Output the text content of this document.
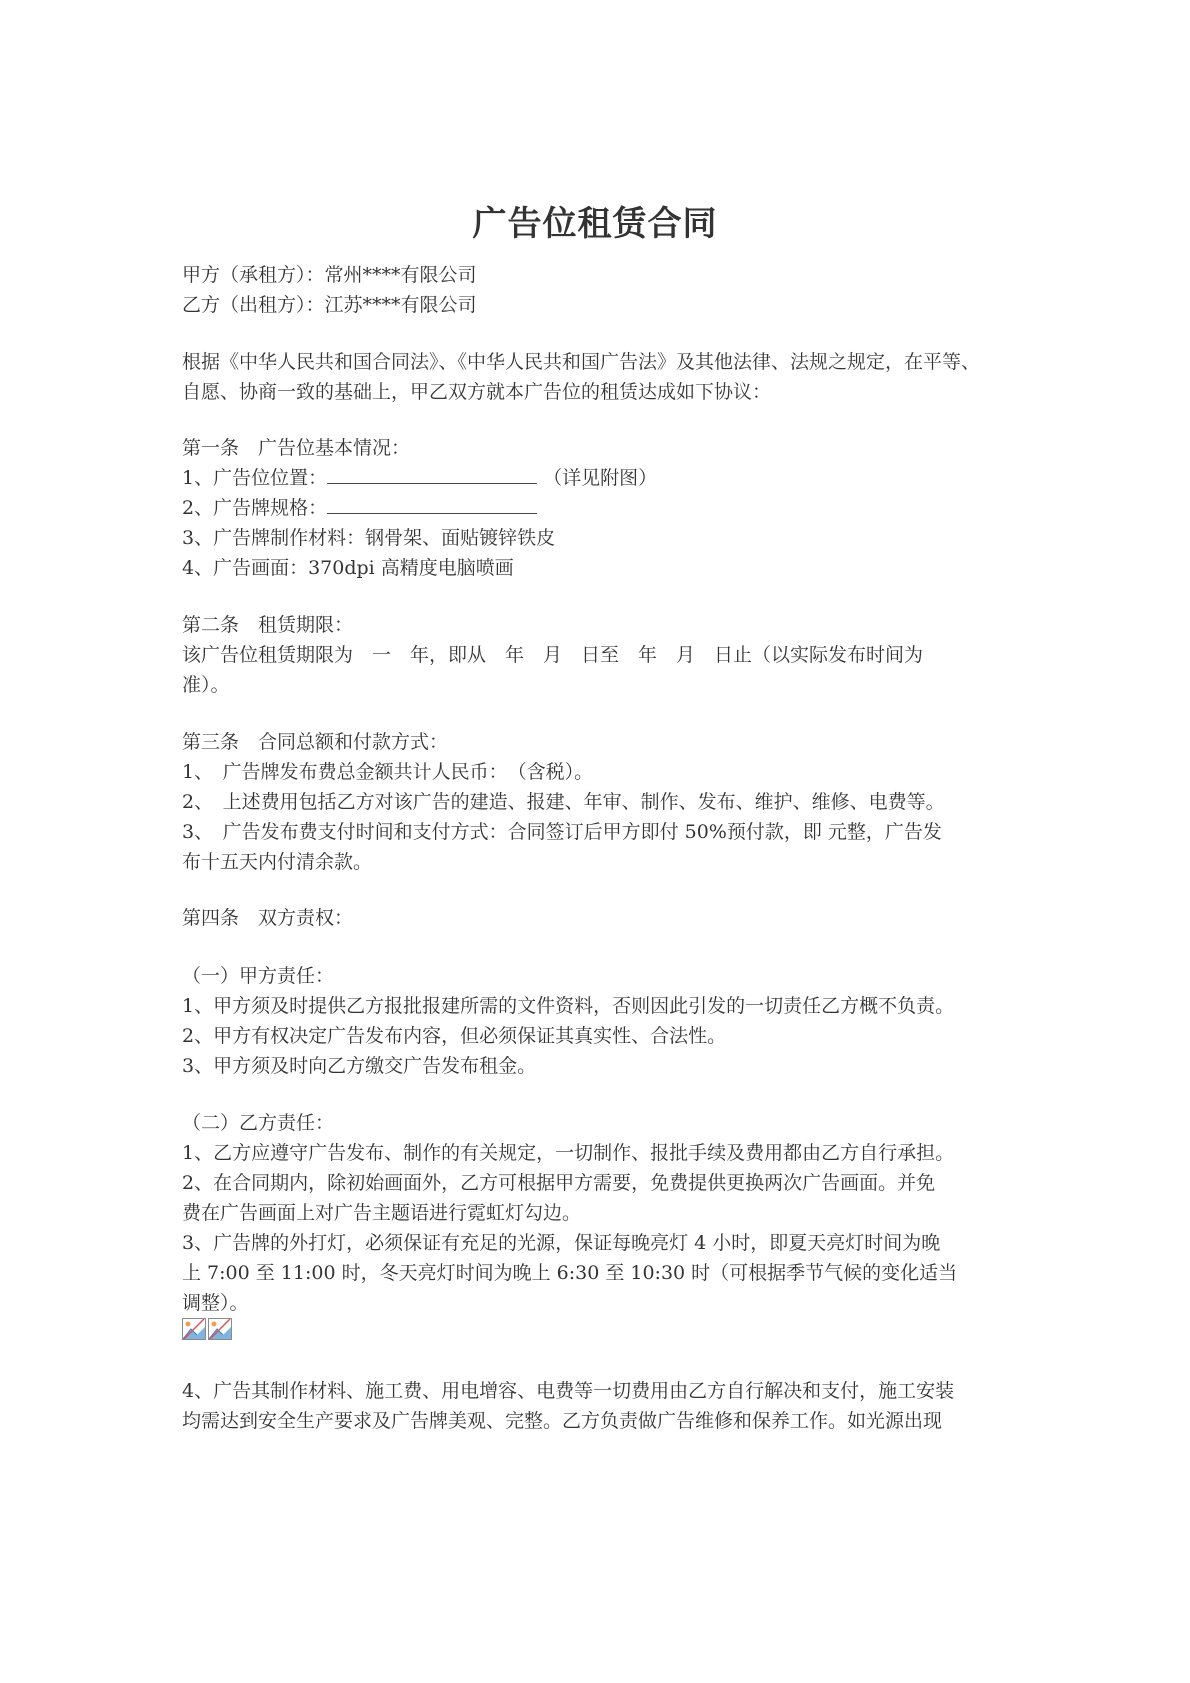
广告位租赁合同
甲方（承租方）：常州****有限公司
乙方（出租方）：江苏****有限公司
根据《中华人民共和国合同法》、《中华人民共和国广告法》及其他法律、法规之规定，在平等、
自愿、协商一致的基础上，甲乙双方就本广告位的租赁达成如下协议：
第一条　广告位基本情况：
1、广告位位置：	（详见附图）
2、广告牌规格：
3、广告牌制作材料：钢骨架、面贴镀锌铁皮
4、广告画面：370dpi 高精度电脑喷画
第二条　租赁期限：
该广告位租赁期限为　一　年，即从　年　月　日至　年　月　日止（以实际发布时间为
准）。
第三条　合同总额和付款方式：
1、　广告牌发布费总金额共计人民币：　（含税）。
2、　上述费用包括乙方对该广告的建造、报建、年审、制作、发布、维护、维修、电费等。
3、　广告发布费支付时间和支付方式：合同签订后甲方即付 50%预付款，即 元整，广告发
布十五天内付清余款。
第四条　双方责权：
（一）甲方责任：
1、甲方须及时提供乙方报批报建所需的文件资料，否则因此引发的一切责任乙方概不负责。
2、甲方有权决定广告发布内容，但必须保证其真实性、合法性。
3、甲方须及时向乙方缴交广告发布租金。
（二）乙方责任：
1、乙方应遵守广告发布、制作的有关规定，一切制作、报批手续及费用都由乙方自行承担。
2、在合同期内，除初始画面外，乙方可根据甲方需要，免费提供更换两次广告画面。并免
费在广告画面上对广告主题语进行霓虹灯勾边。
3、广告牌的外打灯，必须保证有充足的光源，保证每晚亮灯 4 小时，即夏天亮灯时间为晚
上 7:00 至 11:00 时，冬天亮灯时间为晚上 6:30 至 10:30 时（可根据季节气候的变化适当
调整）。
4、广告其制作材料、施工费、用电增容、电费等一切费用由乙方自行解决和支付，施工安装
均需达到安全生产要求及广告牌美观、完整。乙方负责做广告维修和保养工作。如光源出现
